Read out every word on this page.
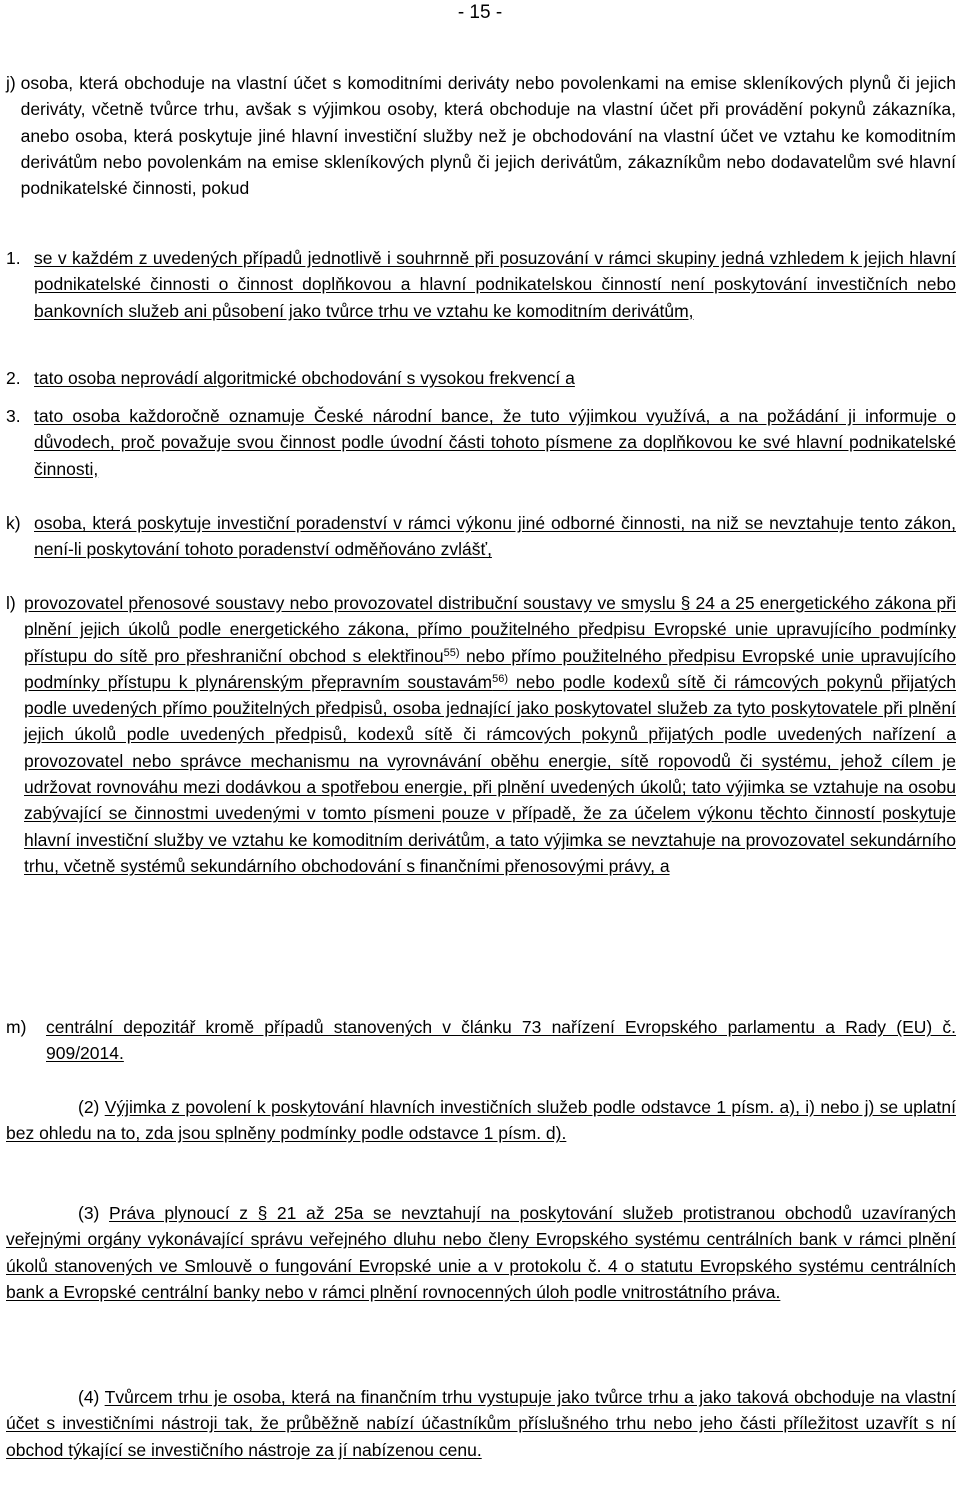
- 15 -
j)
osoba, která obchoduje na vlastní účet s komoditními deriváty nebo povolenkami na emise skleníkových plynů či jejich deriváty, včetně tvůrce trhu, avšak s výjimkou osoby, která obchoduje na vlastní účet při provádění pokynů zákazníka, anebo osoba, která poskytuje jiné hlavní investiční služby než je obchodování na vlastní účet ve vztahu ke komoditním derivátům nebo povolenkám na emise skleníkových plynů či jejich derivátům, zákazníkům nebo dodavatelům své hlavní podnikatelské činnosti, pokud
1. se v každém z uvedených případů jednotlivě i souhrnně při posuzování v rámci skupiny jedná vzhledem k jejich hlavní podnikatelské činnosti o činnost doplňkovou a hlavní podnikatelskou činností není poskytování investičních nebo bankovních služeb ani působení jako tvůrce trhu ve vztahu ke komoditním derivátům,
2. tato osoba neprovádí algoritmické obchodování s vysokou frekvencí a
3. tato osoba každoročně oznamuje České národní bance, že tuto výjimkou využívá, a na požádání ji informuje o důvodech, proč považuje svou činnost podle úvodní části tohoto písmene za doplňkovou ke své hlavní podnikatelské činnosti,
k) osoba, která poskytuje investiční poradenství v rámci výkonu jiné odborné činnosti, na niž se nevztahuje tento zákon, není-li poskytování tohoto poradenství odměňováno zvlášť,
l) provozovatel přenosové soustavy nebo provozovatel distribuční soustavy ve smyslu § 24 a 25 energetického zákona při plnění jejich úkolů podle energetického zákona, přímo použitelného předpisu Evropské unie upravujícího podmínky přístupu do sítě pro přeshraniční obchod s elektřinou$^{55)}$ nebo přímo použitelného předpisu Evropské unie upravujícího podmínky přístupu k plynárenským přepravním soustavám$^{56)}$ nebo podle kodexů sítě či rámcových pokynů přijatých podle uvedených přímo použitelných předpisů, osoba jednající jako poskytovatel služeb za tyto poskytovatele při plnění jejich úkolů podle uvedených předpisů, kodexů sítě či rámcových pokynů přijatých podle uvedených nařízení a provozovatel nebo správce mechanismu na vyrovnávání oběhu energie, sítě ropovodů či systému, jehož cílem je udržovat rovnováhu mezi dodávkou a spotřebou energie, při plnění uvedených úkolů; tato výjimka se vztahuje na osobu zabývající se činnostmi uvedenými v tomto písmeni pouze v případě, že za účelem výkonu těchto činností poskytuje hlavní investiční služby ve vztahu ke komoditním derivátům, a tato výjimka se nevztahuje na provozovatel sekundárního trhu, včetně systémů sekundárního obchodování s finančními přenosovými právy, a
m)	centrální depozitář kromě případů stanovených v článku 73 nařízení Evropského parlamentu a Rady (EU) č. 909/2014.
(2) Výjimka z povolení k poskytování hlavních investičních služeb podle odstavce 1 písm. a), i) nebo j) se uplatní bez ohledu na to, zda jsou splněny podmínky podle odstavce 1 písm. d).
(3) Práva plynoucí z § 21 až 25a se nevztahují na poskytování služeb protistranou obchodů uzavíraných veřejnými orgány vykonávající správu veřejného dluhu nebo členy Evropského systému centrálních bank v rámci plnění úkolů stanovených ve Smlouvě o fungování Evropské unie a v protokolu č. 4 o statutu Evropského systému centrálních bank a Evropské centrální banky nebo v rámci plnění rovnocenných úloh podle vnitrostátního práva.
(4) Tvůrcem trhu je osoba, která na finančním trhu vystupuje jako tvůrce trhu a jako taková obchoduje na vlastní účet s investičními nástroji tak, že průběžně nabízí účastníkům příslušného trhu nebo jeho části příležitost uzavřít s ní obchod týkající se investičního nástroje za jí nabízenou cenu.
